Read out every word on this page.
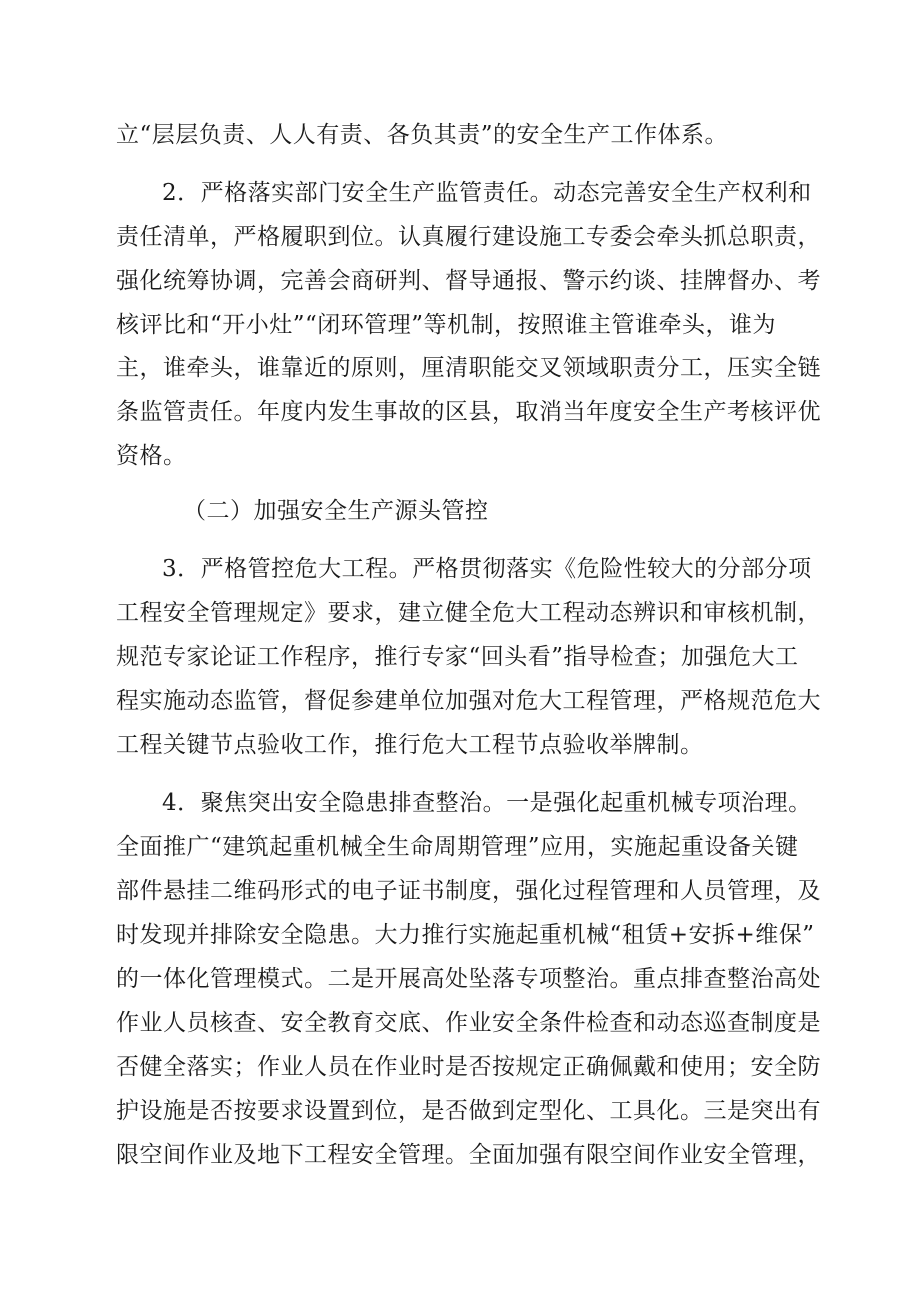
立“层层负责、人人有责、各负其责”的安全生产工作体系。
2．严格落实部门安全生产监管责任。动态完善安全生产权利和
责任清单，严格履职到位。认真履行建设施工专委会牵头抓总职责，
强化统筹协调，完善会商研判、督导通报、警示约谈、挂牌督办、考
核评比和“开小灶”“闭环管理”等机制，按照谁主管谁牵头，谁为
主，谁牵头，谁靠近的原则，厘清职能交叉领域职责分工，压实全链
条监管责任。年度内发生事故的区县，取消当年度安全生产考核评优
资格。
（二）加强安全生产源头管控
3．严格管控危大工程。严格贯彻落实《危险性较大的分部分项
工程安全管理规定》要求，建立健全危大工程动态辨识和审核机制，
规范专家论证工作程序，推行专家“回头看”指导检查；加强危大工
程实施动态监管，督促参建单位加强对危大工程管理，严格规范危大
工程关键节点验收工作，推行危大工程节点验收举牌制。
4．聚焦突出安全隐患排查整治。一是强化起重机械专项治理。
全面推广“建筑起重机械全生命周期管理”应用，实施起重设备关键
部件悬挂二维码形式的电子证书制度，强化过程管理和人员管理，及
时发现并排除安全隐患。大力推行实施起重机械“租赁+安拆+维保”
的一体化管理模式。二是开展高处坠落专项整治。重点排查整治高处
作业人员核查、安全教育交底、作业安全条件检查和动态巡查制度是
否健全落实；作业人员在作业时是否按规定正确佩戴和使用；安全防
护设施是否按要求设置到位，是否做到定型化、工具化。三是突出有
限空间作业及地下工程安全管理。全面加强有限空间作业安全管理，
